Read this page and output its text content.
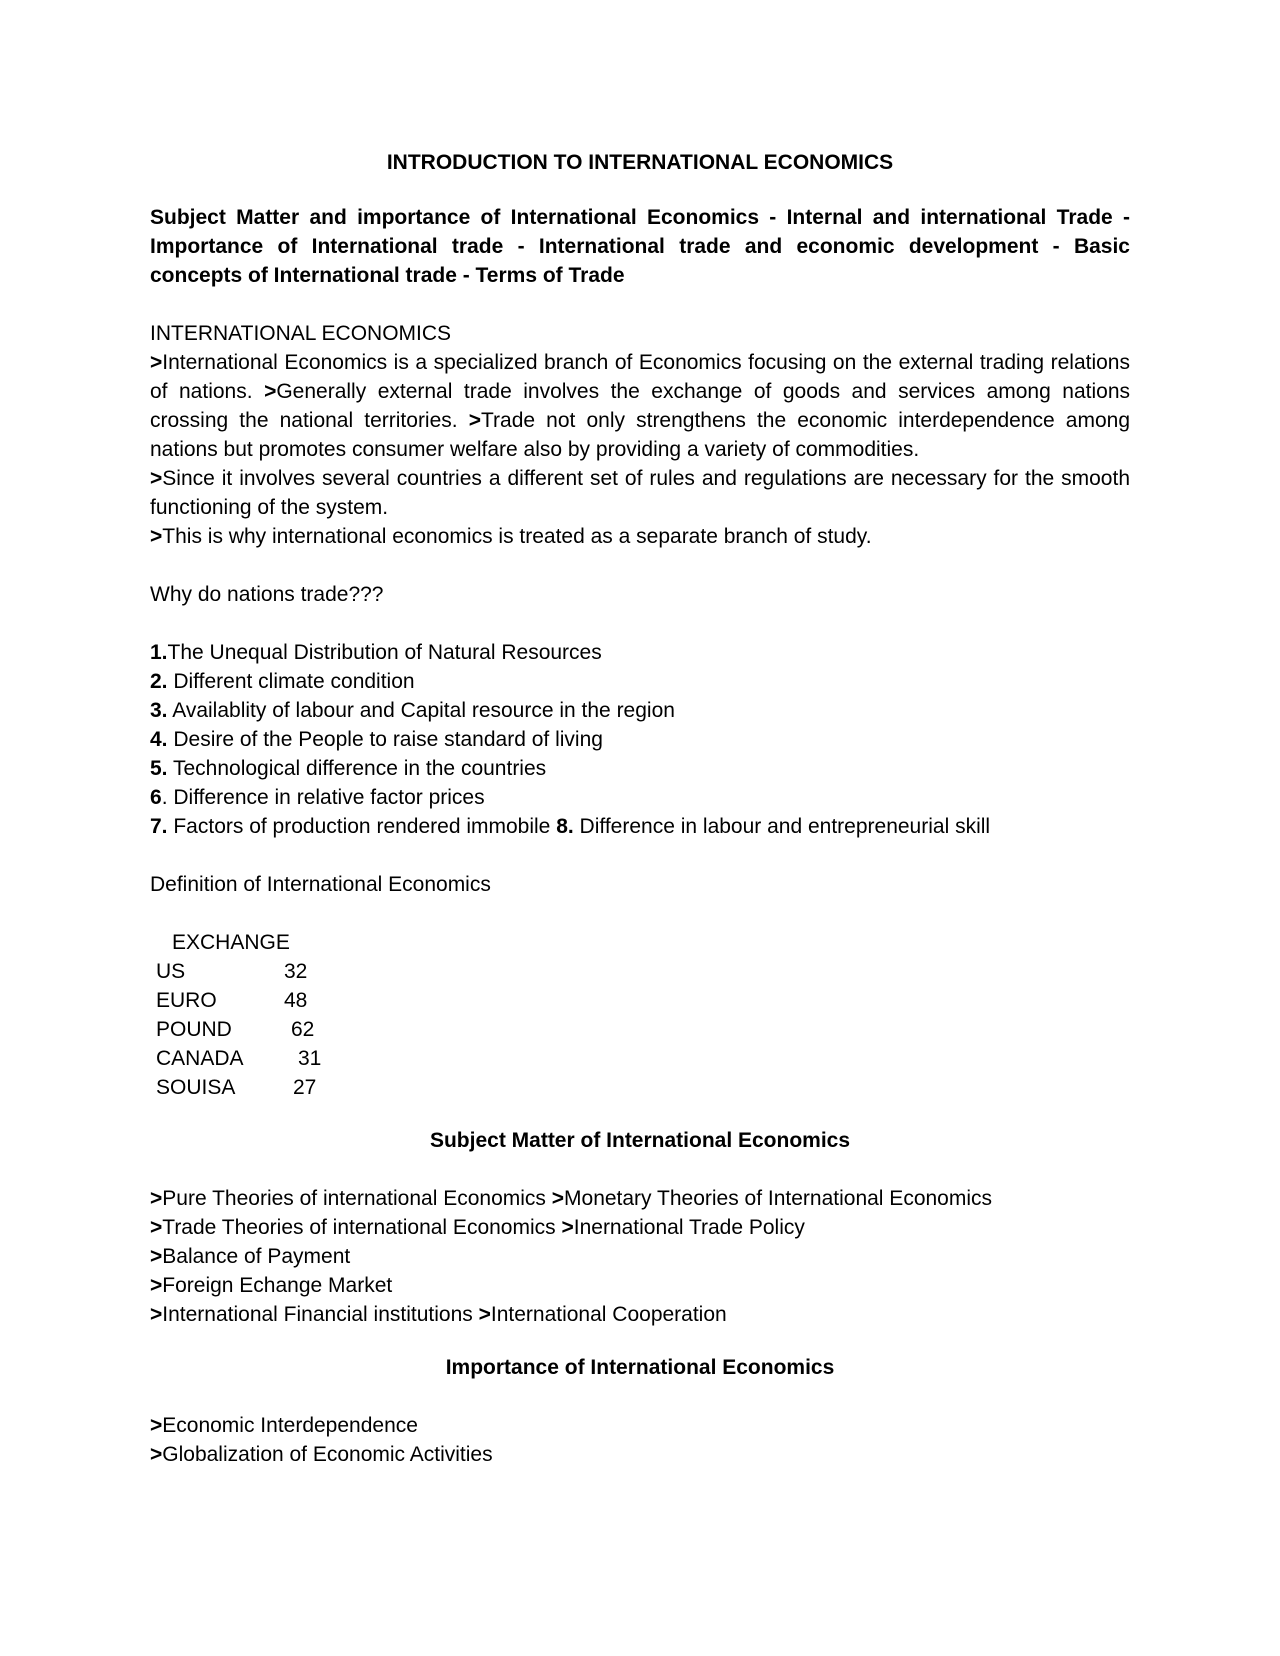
INTRODUCTION TO INTERNATIONAL ECONOMICS

Subject Matter and importance of International Economics - Internal and international Trade - Importance of International trade - International trade and economic development - Basic concepts of International trade - Terms of Trade

INTERNATIONAL ECONOMICS

>International Economics is a specialized branch of Economics focusing on the external trading relations of nations. >Generally external trade involves the exchange of goods and services among nations crossing the national territories. >Trade not only strengthens the economic interdependence among nations but promotes consumer welfare also by providing a variety of commodities.

>Since it involves several countries a different set of rules and regulations are necessary for the smooth functioning of the system.

>This is why international economics is treated as a separate branch of study.

Why do nations trade???

1.The Unequal Distribution of Natural Resources
2. Different climate condition
3. Availablity of labour and Capital resource in the region
4. Desire of the People to raise standard of living
5. Technological difference in the countries
6. Difference in relative factor prices
7. Factors of production rendered immobile 8. Difference in labour and entrepreneurial skill

Definition of International Economics

EXCHANGE
US	32
EURO	48
POUND	62
CANADA	31
SOUISA	27

Subject Matter of International Economics

>Pure Theories of international Economics >Monetary Theories of International Economics
>Trade Theories of international Economics >Inernational Trade Policy
>Balance of Payment
>Foreign Echange Market
>International Financial institutions >International Cooperation

Importance of International Economics

>Economic Interdependence
>Globalization of Economic Activities
